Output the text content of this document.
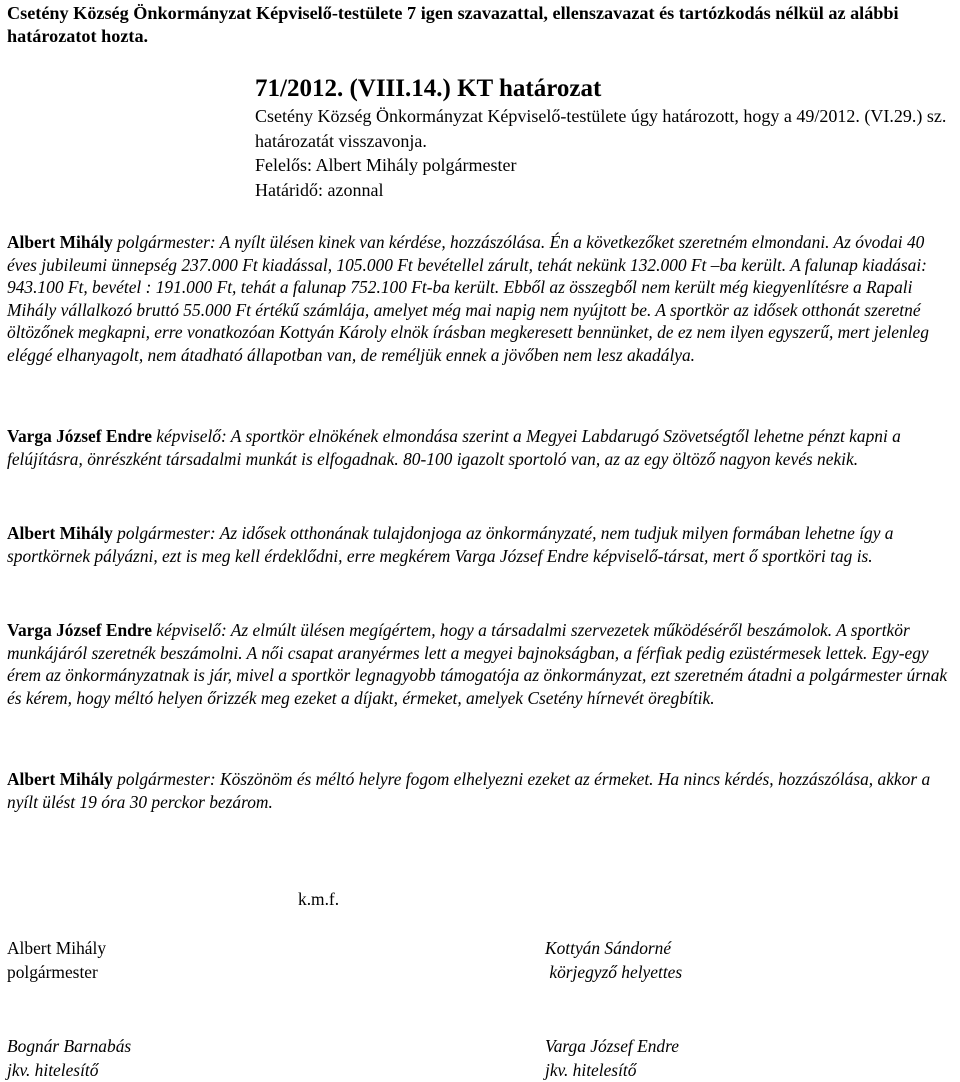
Csetény Község Önkormányzat Képviselő-testülete 7 igen szavazattal, ellenszavazat és tartózkodás nélkül az alábbi határozatot hozta.
71/2012. (VIII.14.) KT határozat
Csetény Község Önkormányzat Képviselő-testülete úgy határozott, hogy a 49/2012. (VI.29.) sz. határozatát visszavonja.
Felelős: Albert Mihály polgármester
Határidő: azonnal
Albert Mihály polgármester: A nyílt ülésen kinek van kérdése, hozzászólása. Én a következőket szeretném elmondani. Az óvodai 40 éves jubileumi ünnepség 237.000 Ft kiadással, 105.000 Ft bevétellel zárult, tehát nekünk 132.000 Ft –ba került. A falunap kiadásai: 943.100 Ft, bevétel : 191.000 Ft, tehát a falunap 752.100 Ft-ba került. Ebből az összegből nem került még kiegyenlítésre a Rapali Mihály vállalkozó bruttó 55.000 Ft értékű számlája, amelyet még mai napig nem nyújtott be. A sportkör az idősek otthonát szeretné öltözőnek megkapni, erre vonatkozóan Kottyán Károly elnök írásban megkeresett bennünket, de ez nem ilyen egyszerű, mert jelenleg eléggé elhanyagolt, nem átadható állapotban van, de reméljük ennek a jövőben nem lesz akadálya.
Varga József Endre képviselő: A sportkör elnökének elmondása szerint a Megyei Labdarugó Szövetségtől lehetne pénzt kapni a felújításra, önrészként társadalmi munkát is elfogadnak. 80-100 igazolt sportoló van, az az egy öltöző nagyon kevés nekik.
Albert Mihály polgármester: Az idősek otthonának tulajdonjoga az önkormányzaté, nem tudjuk milyen formában lehetne így a sportkörnek pályázni, ezt is meg kell érdeklődni, erre megkérem Varga József Endre képviselő-társat, mert ő sportköri tag is.
Varga József Endre képviselő: Az elmúlt ülésen megígértem, hogy a társadalmi szervezetek működéséről beszámolok. A sportkör munkájáról szeretnék beszámolni. A női csapat aranyérmes lett a megyei bajnokságban, a férfiak pedig ezüstérmesek lettek. Egy-egy érem az önkormányzatnak is jár, mivel a sportkör legnagyobb támogatója az önkormányzat, ezt szeretném átadni a polgármester úrnak és kérem, hogy méltó helyen őrizzék meg ezeket a díjakt, érmeket, amelyek Csetény hírnevét öregbítik.
Albert Mihály polgármester: Köszönöm és méltó helyre fogom elhelyezni ezeket az érmeket. Ha nincs kérdés, hozzászólása, akkor a nyílt ülést 19 óra 30 perckor bezárom.
k.m.f.
Albert Mihály
polgármester
Kottyán Sándorné
körjegyző helyettes
Bognár Barnabás
jkv. hitelesítő
Varga József Endre
jkv. hitelesítő
